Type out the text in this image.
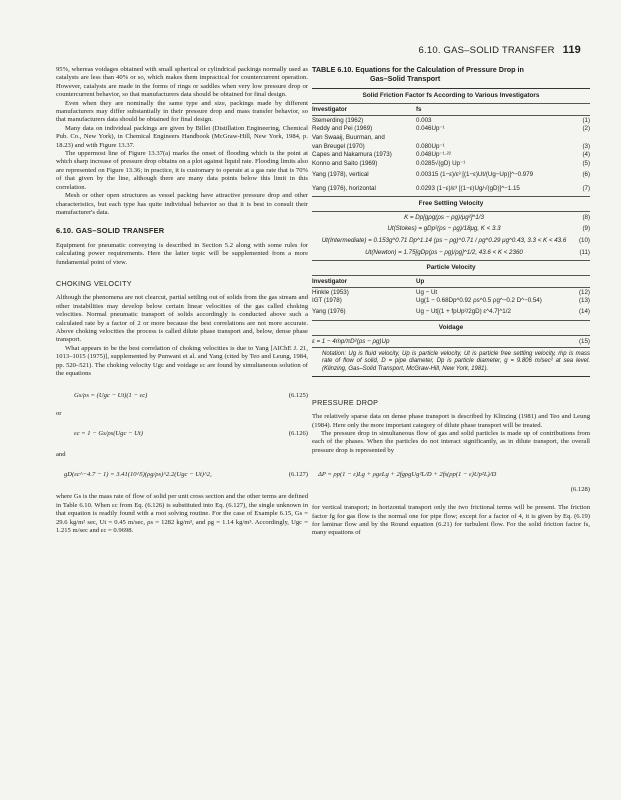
6.10. GAS–SOLID TRANSFER 119

95%, whereas voidages obtained with small spherical or cylindrical packings normally used as catalysts are less than 40% or so, which makes them impractical for countercurrent operation. However, catalysts are made in the forms of rings or saddles when very low pressure drop or countercurrent behavior, so that manufacturers data should be obtained for final design.

Even when they are nominally the same type and size, packings made by different manufacturers may differ substantially in their pressure drop and mass transfer behavior, so that manufacturers data should be obtained for final design.

Many data on individual packings are given by Billet (Distillation Engineering, Chemical Pub. Co., New York), in Chemical Engineers Handbook (McGraw-Hill, New York, 1984, p. 18.23) and with Figure 13.37.

The uppermost line of Figure 13.37(a) marks the onset of flooding which is the point at which sharp increase of pressure drop obtains on a plot against liquid rate. Flooding limits also are represented on Figure 13.36; in practice, it is customary to operate at a gas rate that is 70% of that given by the line, although there are many data points below this limit in this correlation.

Mesh or other open structures as vessel packing have attractive pressure drop and other characteristics, but each type has quite individual behavior so that it is best to consult their manufacturer's data.

6.10. GAS–SOLID TRANSFER

Equipment for pneumatic conveying is described in Section 5.2 along with some rules for calculating power requirements. Here the latter topic will be supplemented from a more fundamental point of view.

CHOKING VELOCITY

Although the phenomena are not clearcut, partial settling out of solids from the gas stream and other instabilities may develop below certain linear velocities of the gas called choking velocities. Normal pneumatic transport of solids accordingly is conducted above such a calculated rate by a factor of 2 or more because the best correlations are not more accurate. Above choking velocities the process is called dilute phase transport and, below, dense phase transport.

What appears to be the best correlation of choking velocities is due to Yang [AIChE J. 21, 1013–1015 (1975)], supplemented by Punwani et al. and Yang (cited by Teo and Leung, 1984, pp. 520–521). The choking velocity Ugc and voidage εc are found by simultaneous solution of the equations

Gs/ρs = (Ugc − Ut)(1 − εc)	(6.125)
or
εc = 1 − Gs/ρs(Ugc − Ut)	(6.126)
and
gD(εc^−4.7 − 1) = 3.41(10^5)(ρg/ρs)^2.2(Ugc − Ut)^2,	(6.127)

where Gs is the mass rate of flow of solid per unit cross section and the other terms are defined in Table 6.10. When εc from Eq. (6.126) is substituted into Eq. (6.127), the single unknown in that equation is readily found with a root solving routine. For the case of Example 6.15, Gs = 29.6 kg/m² sec, Ut = 0.45 m/sec, ρs = 1282 kg/m³, and ρg = 1.14 kg/m³. Accordingly, Ugc = 1.215 m/sec and εc = 0.9698.

TABLE 6.10. Equations for the Calculation of Pressure Drop in
Gas–Solid Transport
Solid Friction Factor fs According to Various Investigators
Investigator	fs
Stemerding (1962)	0.003	(1)
Reddy and Pei (1969)	0.046Up⁻¹	(2)
Van Swaaij, Buurman, and
van Breugel (1970)	0.080Up⁻¹	(3)
Capes and Nakamura (1973)	0.048Up⁻¹·²²	(4)
Konno and Saito (1969)	0.0285√(gD) Up⁻¹	(5)
Yang (1978), vertical	0.00315 (1−ε)/ε³ [(1−ε)Ut/(Ug−Up)]^−0.979	(6)
Yang (1976), horizontal	0.0293 (1−ε)/ε³ [(1−ε)Ug/√(gD)]^−1.15	(7)
Free Settling Velocity
K = Dp[gρg(ρs − ρg)/μg²]^1/3	(8)
Ut(Stokes) = gDp²(ρs − ρg)/18μg, K < 3.3	(9)
Ut(Intermediate) = 0.153g^0.71 Dp^1.14 (ρs − ρg)^0.71 / ρg^0.29 μg^0.43, 3.3 < K < 43.6	(10)
Ut(Newton) = 1.75[gDp(ρs − ρg)/ρg]^1/2, 43.6 < K < 2360	(11)
Particle Velocity
Investigator	Up
Hinkle (1953)	Ug − Ut	(12)
IGT (1978)	Ug(1 − 0.68Dp^0.92 ρs^0.5 ρg^−0.2 D^−0.54)	(13)
Yang (1976)	Ug − Ut[(1 + fpUp²/2gD) ε^4.7]^1/2	(14)
Voidage
ε = 1 − 4ṁp/πD²(ρs − ρg)Up	(15)
Notation: Ug is fluid velocity, Up is particle velocity, Ut is particle free settling velocity, ṁp is mass rate of flow of solid, D = pipe diameter, Dp is particle diameter, g = 9.806 m/sec² at sea level. (Klinzing, Gas–Solid Transport, McGraw-Hill, New York, 1981).
PRESSURE DROP

The relatively sparse data on dense phase transport is described by Klinzing (1981) and Teo and Leung (1984). Here only the more important category of dilute phase transport will be treated.

The pressure drop in simultaneous flow of gas and solid particles is made up of contributions from each of the phases. When the particles do not interact significantly, as in dilute transport, the overall pressure drop is represented by

ΔP = ρp(1 − ε)Lg + ρgεLg + 2fgρgUg²L/D + 2fs(ρp(1 − ε)Up²L)/D
(6.128)

for vertical transport; in horizontal transport only the two frictional terms will be present. The friction factor fg for gas flow is the normal one for pipe flow; except for a factor of 4, it is given by Eq. (6.19) for laminar flow and by the Round equation (6.21) for turbulent flow. For the solid friction factor fs, many equations of
